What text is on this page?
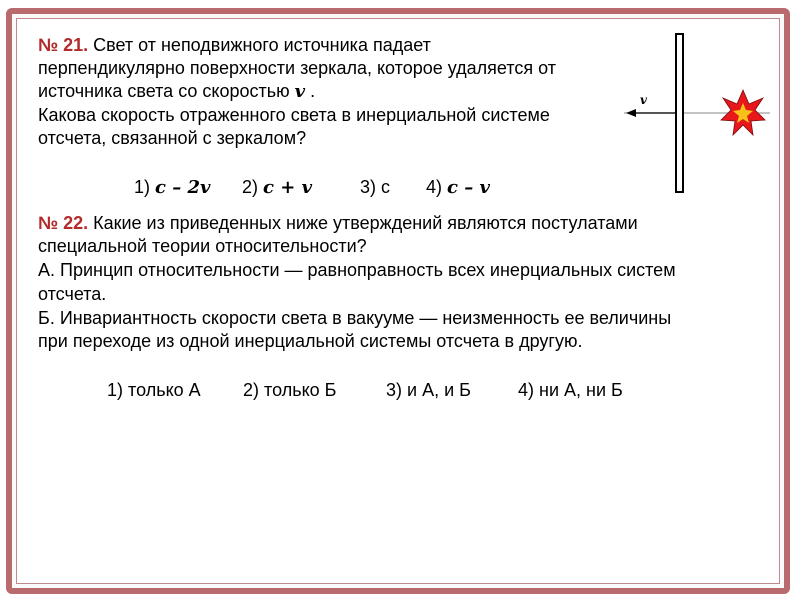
№ 21. Свет от неподвижного источника падает
перпендикулярно поверхности зеркала, которое удаляется от
источника света со скоростью v .
Какова скорость отраженного света в инерциальной системе
отсчета, связанной с зеркалом?
1) c – 2v 2) c + v	3) c 4) c – v
v
№ 22. Какие из приведенных ниже утверждений являются постулатами
специальной теории относительности?
А. Принцип относительности — равноправность всех инерциальных систем
отсчета.
Б. Инвариантность скорости света в вакууме — неизменность ее величины
при переходе из одной инерциальной системы отсчета в другую.
1) только А 2) только Б	3) и А, и Б	4) ни А, ни Б
